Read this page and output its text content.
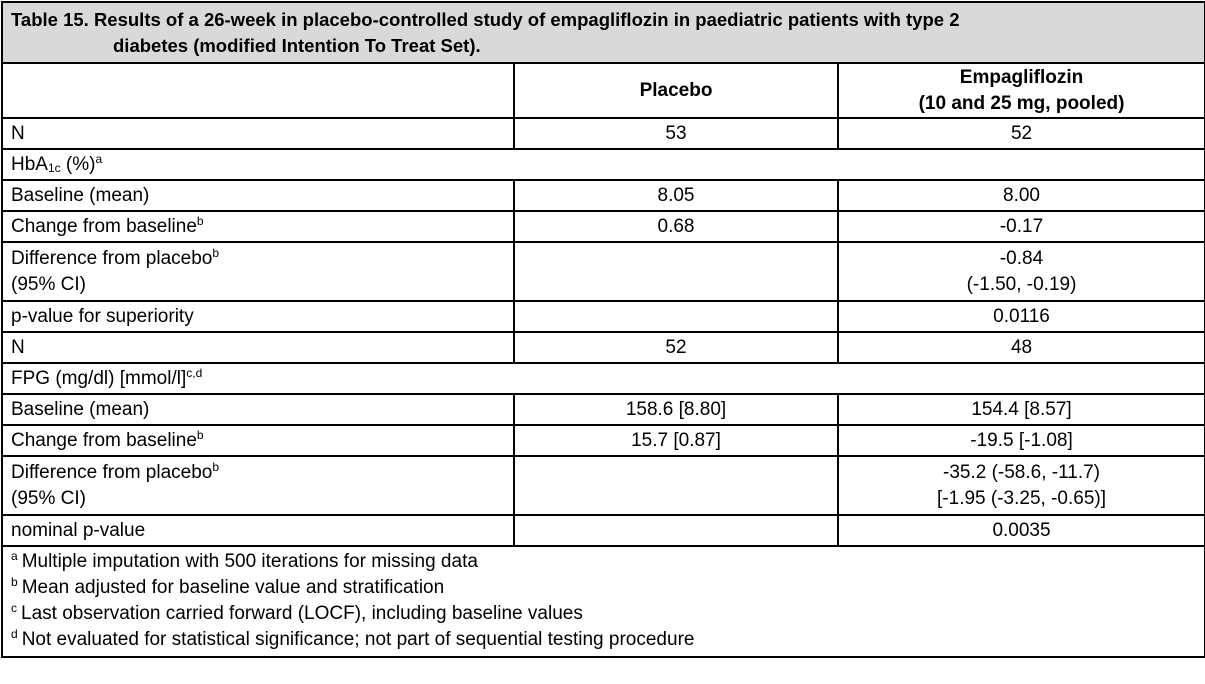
Table 15. Results of a 26-week in placebo-controlled study of empagliflozin in paediatric patients with type 2
diabetes (modified Intention To Treat Set).		

	Placebo	Empagliflozin
(10 and 25 mg, pooled)

N	53	52
HbA$_{1c}$ (%)$^a$
Baseline (mean)	8.05	8.00
Change from baseline$^b$	0.68	-0.17

Difference from placebo$^b$
(95% CI)		-0.84
(-1.50, -0.19)

p-value for superiority		0.0116
N	52	48
FPG (mg/dl) [mmol/l]$^{c,d}$
Baseline (mean)	158.6 [8.80]	154.4 [8.57]
Change from baseline$^b$	15.7 [0.87]	-19.5 [-1.08]

Difference from placebo$^b$
(95% CI)		-35.2 (-58.6, -11.7)
[-1.95 (-3.25, -0.65)]

nominal p-value		0.0035

$^a$ Multiple imputation with 500 iterations for missing data
$^b$ Mean adjusted for baseline value and stratification
$^c$ Last observation carried forward (LOCF), including baseline values
$^d$ Not evaluated for statistical significance; not part of sequential testing procedure		
